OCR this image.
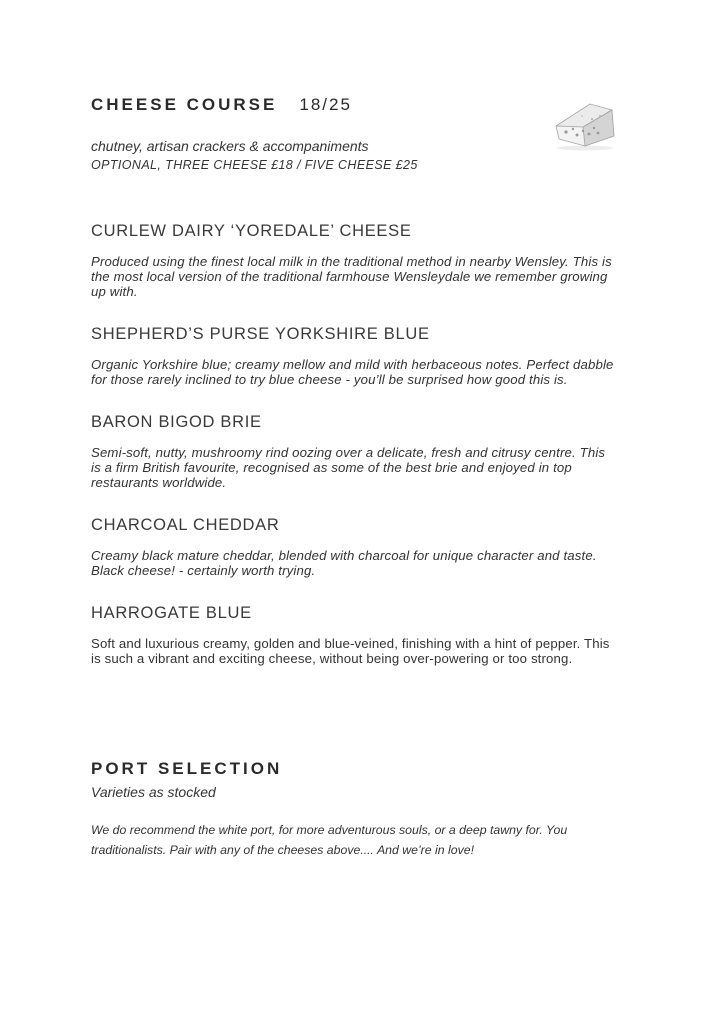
CHEESE COURSE 18/25
chutney, artisan crackers & accompaniments
OPTIONAL, THREE CHEESE £18 / FIVE CHEESE £25
CURLEW DAIRY ‘YOREDALE’ CHEESE
Produced using the finest local milk in the traditional method in nearby Wensley. This is the most local version of the traditional farmhouse Wensleydale we remember growing up with.
SHEPHERD’S PURSE YORKSHIRE BLUE
Organic Yorkshire blue; creamy mellow and mild with herbaceous notes. Perfect dabble for those rarely inclined to try blue cheese - you’ll be surprised how good this is.
BARON BIGOD BRIE
Semi-soft, nutty, mushroomy rind oozing over a delicate, fresh and citrusy centre. This is a firm British favourite, recognised as some of the best brie and enjoyed in top restaurants worldwide.
CHARCOAL CHEDDAR
Creamy black mature cheddar, blended with charcoal for unique character and taste. Black cheese! - certainly worth trying.
HARROGATE BLUE
Soft and luxurious creamy, golden and blue-veined, finishing with a hint of pepper. This is such a vibrant and exciting cheese, without being over-powering or too strong.
PORT SELECTION
Varieties as stocked
We do recommend the white port, for more adventurous souls, or a deep tawny for. You traditionalists. Pair with any of the cheeses above.... And we’re in love!
